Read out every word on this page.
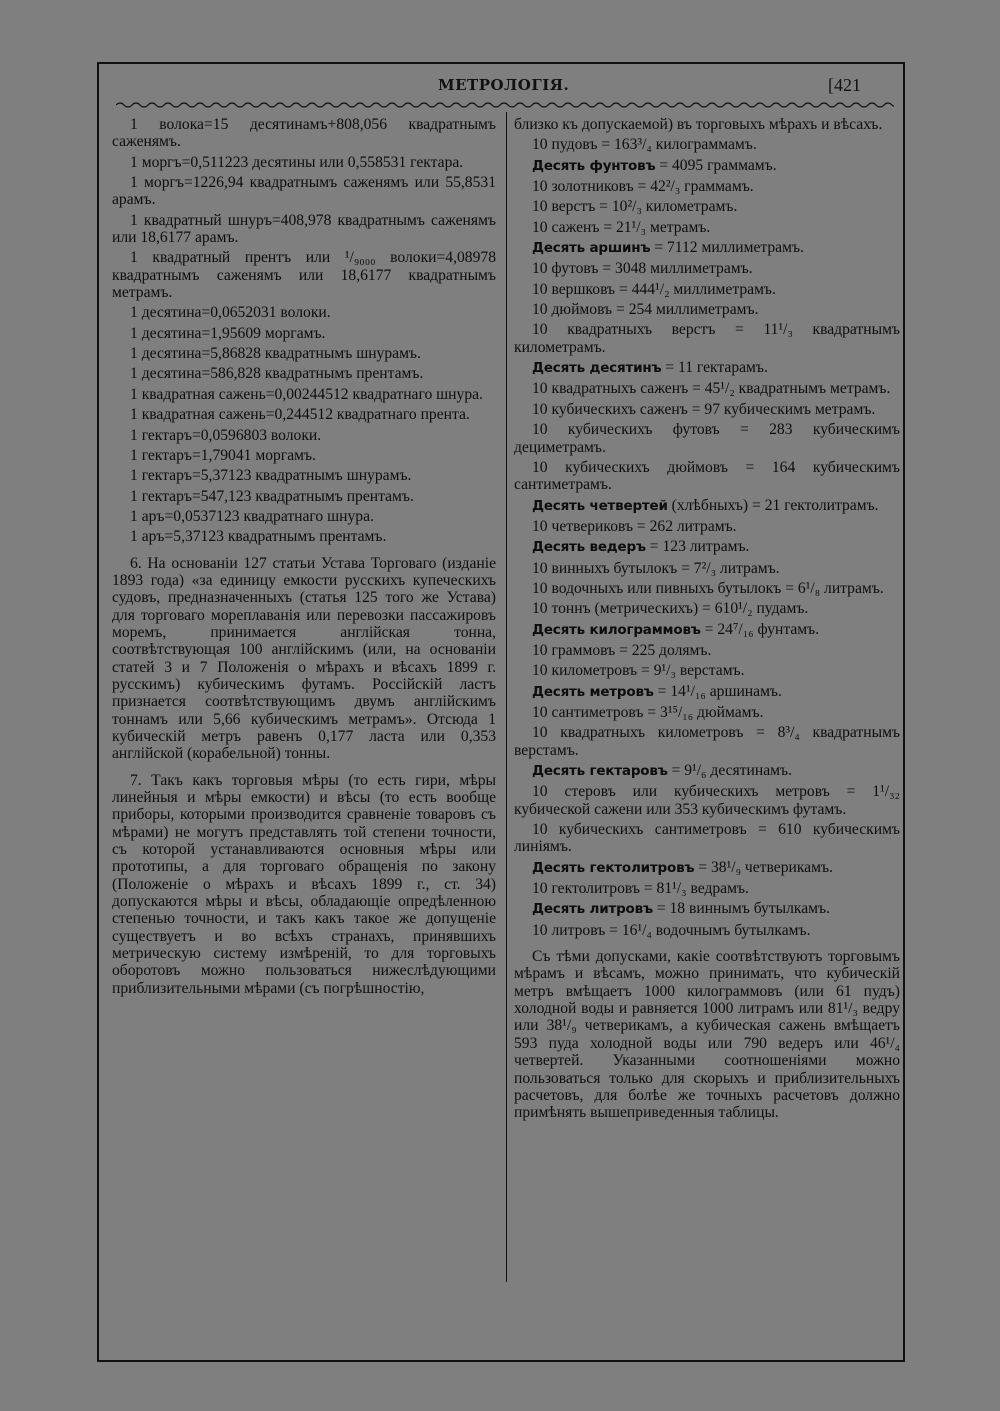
МЕТРОЛОГІЯ.	[421

1 волока=15 десятинамъ+808,056 квадратнымъ саженямъ.

1 моргъ=0,511223 десятины или 0,558531 гектара.

1 моргъ=1226,94 квадратнымъ саженямъ или 55,8531 арамъ.

1 квадратный шнуръ=408,978 квадратнымъ саженямъ или 18,6177 арамъ.

1 квадратный прентъ или ¹/₉₀₀₀ волоки=4,08978 квадратнымъ саженямъ или 18,6177 квадратнымъ метрамъ.

1 десятина=0,0652031 волоки.

1 десятина=1,95609 моргамъ.

1 десятина=5,86828 квадратнымъ шнурамъ.

1 десятина=586,828 квадратнымъ прентамъ.

1 квадратная сажень=0,00244512 квадратнаго шнура.

1 квадратная сажень=0,244512 квадратнаго прента.

1 гектаръ=0,0596803 волоки.

1 гектаръ=1,79041 моргамъ.

1 гектаръ=5,37123 квадратнымъ шнурамъ.

1 гектаръ=547,123 квадратнымъ прентамъ.

1 аръ=0,0537123 квадратнаго шнура.

1 аръ=5,37123 квадратнымъ прентамъ.

6. На основаніи 127 статьи Устава Торговаго (изданіе 1893 года) «за единицу емкости русскихъ купеческихъ судовъ, предназначенныхъ (статья 125 того же Устава) для торговаго мореплаванія или перевозки пассажировъ моремъ, принимается англійская тонна, соотвѣтствующая 100 англійскимъ (или, на основаніи статей 3 и 7 Положенія о мѣрахъ и вѣсахъ 1899 г. русскимъ) кубическимъ футамъ. Россійскій ластъ признается соотвѣтствующимъ двумъ англійскимъ тоннамъ или 5,66 кубическимъ метрамъ». Отсюда 1 кубическій метръ равенъ 0,177 ласта или 0,353 англійской (корабельной) тонны.

7. Такъ какъ торговыя мѣры (то есть гири, мѣры линейныя и мѣры емкости) и вѣсы (то есть вообще приборы, которыми производится сравненіе товаровъ съ мѣрами) не могутъ представлять той степени точности, съ которой устанавливаются основныя мѣры или прототипы, а для торговаго обращенія по закону (Положеніе о мѣрахъ и вѣсахъ 1899 г., ст. 34) допускаются мѣры и вѣсы, обладающіе опредѣленною степенью точности, и такъ какъ такое же допущеніе существуетъ и во всѣхъ странахъ, принявшихъ метрическую систему измѣреній, то для торговыхъ оборотовъ можно пользоваться нижеслѣдующими приблизительными мѣрами (съ погрѣшностію,

близко къ допускаемой) въ торговыхъ мѣрахъ и вѣсахъ.

10 пудовъ = 163³/₄ килограммамъ.

Десять фунтовъ = 4095 граммамъ.

10 золотниковъ = 42²/₃ граммамъ.

10 верстъ = 10²/₃ километрамъ.

10 саженъ = 21¹/₃ метрамъ.

Десять аршинъ = 7112 миллиметрамъ.

10 футовъ = 3048 миллиметрамъ.

10 вершковъ = 444¹/₂ миллиметрамъ.

10 дюймовъ = 254 миллиметрамъ.

10 квадратныхъ верстъ = 11¹/₃ квадратнымъ километрамъ.

Десять десятинъ = 11 гектарамъ.

10 квадратныхъ саженъ = 45¹/₂ квадратнымъ метрамъ.

10 кубическихъ саженъ = 97 кубическимъ метрамъ.

10 кубическихъ футовъ = 283 кубическимъ дециметрамъ.

10 кубическихъ дюймовъ = 164 кубическимъ сантиметрамъ.

Десять четвертей (хлѣбныхъ) = 21 гектолитрамъ.

10 четвериковъ = 262 литрамъ.

Десять ведеръ = 123 литрамъ.

10 винныхъ бутылокъ = 7²/₃ литрамъ.

10 водочныхъ или пивныхъ бутылокъ = 6¹/₈ литрамъ.

10 тоннъ (метрическихъ) = 610¹/₂ пудамъ.

Десять килограммовъ = 24⁷/₁₆ фунтамъ.

10 граммовъ = 225 долямъ.

10 километровъ = 9¹/₃ верстамъ.

Десять метровъ = 14¹/₁₆ аршинамъ.

10 сантиметровъ = 3¹⁵/₁₆ дюймамъ.

10 квадратныхъ километровъ = 8³/₄ квадратнымъ верстамъ.

Десять гектаровъ = 9¹/₆ десятинамъ.

10 стеровъ или кубическихъ метровъ = 1¹/₃₂ кубической сажени или 353 кубическимъ футамъ.

10 кубическихъ сантиметровъ = 610 кубическимъ линіямъ.

Десять гектолитровъ = 38¹/₉ четверикамъ.

10 гектолитровъ = 81¹/₃ ведрамъ.

Десять литровъ = 18 виннымъ бутылкамъ.

10 литровъ = 16¹/₄ водочнымъ бутылкамъ.

Съ тѣми допусками, какіе соотвѣтствуютъ торговымъ мѣрамъ и вѣсамъ, можно принимать, что кубическій метръ вмѣщаетъ 1000 килограммовъ (или 61 пудъ) холодной воды и равняется 1000 литрамъ или 81¹/₃ ведру или 38¹/₉ четверикамъ, а кубическая сажень вмѣщаетъ 593 пуда холодной воды или 790 ведеръ или 46¹/₄ четвертей. Указанными соотношеніями можно пользоваться только для скорыхъ и приблизительныхъ расчетовъ, для болѣе же точныхъ расчетовъ должно примѣнять вышеприведенныя таблицы.
